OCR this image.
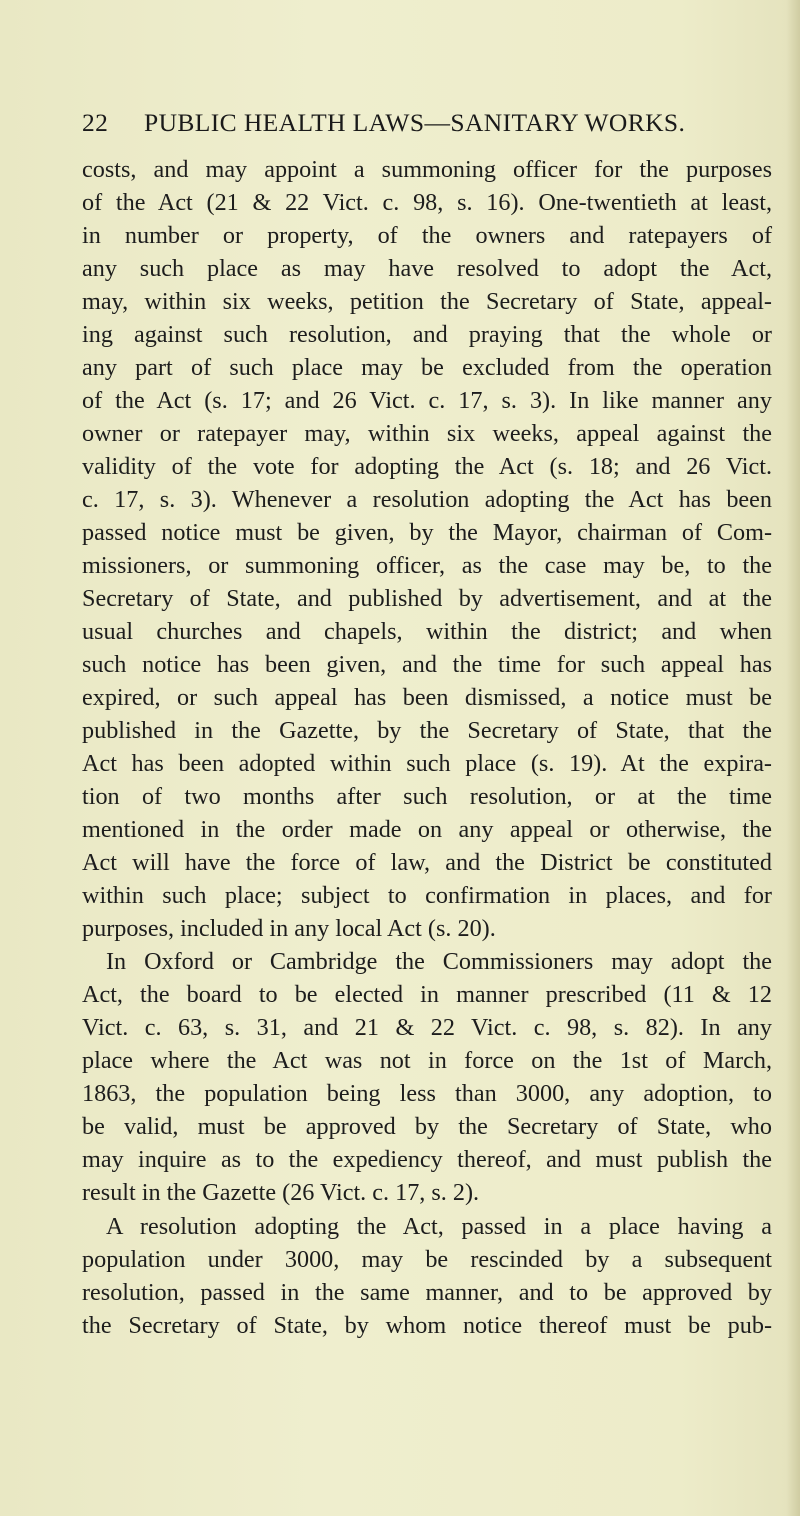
22 PUBLIC HEALTH LAWS—SANITARY WORKS.
costs, and may appoint a summoning officer for the purposes
of the Act (21 & 22 Vict. c. 98, s. 16). One-twentieth at least,
in number or property, of the owners and ratepayers of
any such place as may have resolved to adopt the Act,
may, within six weeks, petition the Secretary of State, appeal-
ing against such resolution, and praying that the whole or
any part of such place may be excluded from the operation
of the Act (s. 17; and 26 Vict. c. 17, s. 3). In like manner any
owner or ratepayer may, within six weeks, appeal against the
validity of the vote for adopting the Act (s. 18; and 26 Vict.
c. 17, s. 3). Whenever a resolution adopting the Act has been
passed notice must be given, by the Mayor, chairman of Com-
missioners, or summoning officer, as the case may be, to the
Secretary of State, and published by advertisement, and at the
usual churches and chapels, within the district; and when
such notice has been given, and the time for such appeal has
expired, or such appeal has been dismissed, a notice must be
published in the Gazette, by the Secretary of State, that the
Act has been adopted within such place (s. 19). At the expira-
tion of two months after such resolution, or at the time
mentioned in the order made on any appeal or otherwise, the
Act will have the force of law, and the District be constituted
within such place; subject to confirmation in places, and for
purposes, included in any local Act (s. 20).
In Oxford or Cambridge the Commissioners may adopt the
Act, the board to be elected in manner prescribed (11 & 12
Vict. c. 63, s. 31, and 21 & 22 Vict. c. 98, s. 82). In any
place where the Act was not in force on the 1st of March,
1863, the population being less than 3000, any adoption, to
be valid, must be approved by the Secretary of State, who
may inquire as to the expediency thereof, and must publish the
result in the Gazette (26 Vict. c. 17, s. 2).
A resolution adopting the Act, passed in a place having a
population under 3000, may be rescinded by a subsequent
resolution, passed in the same manner, and to be approved by
the Secretary of State, by whom notice thereof must be pub-
